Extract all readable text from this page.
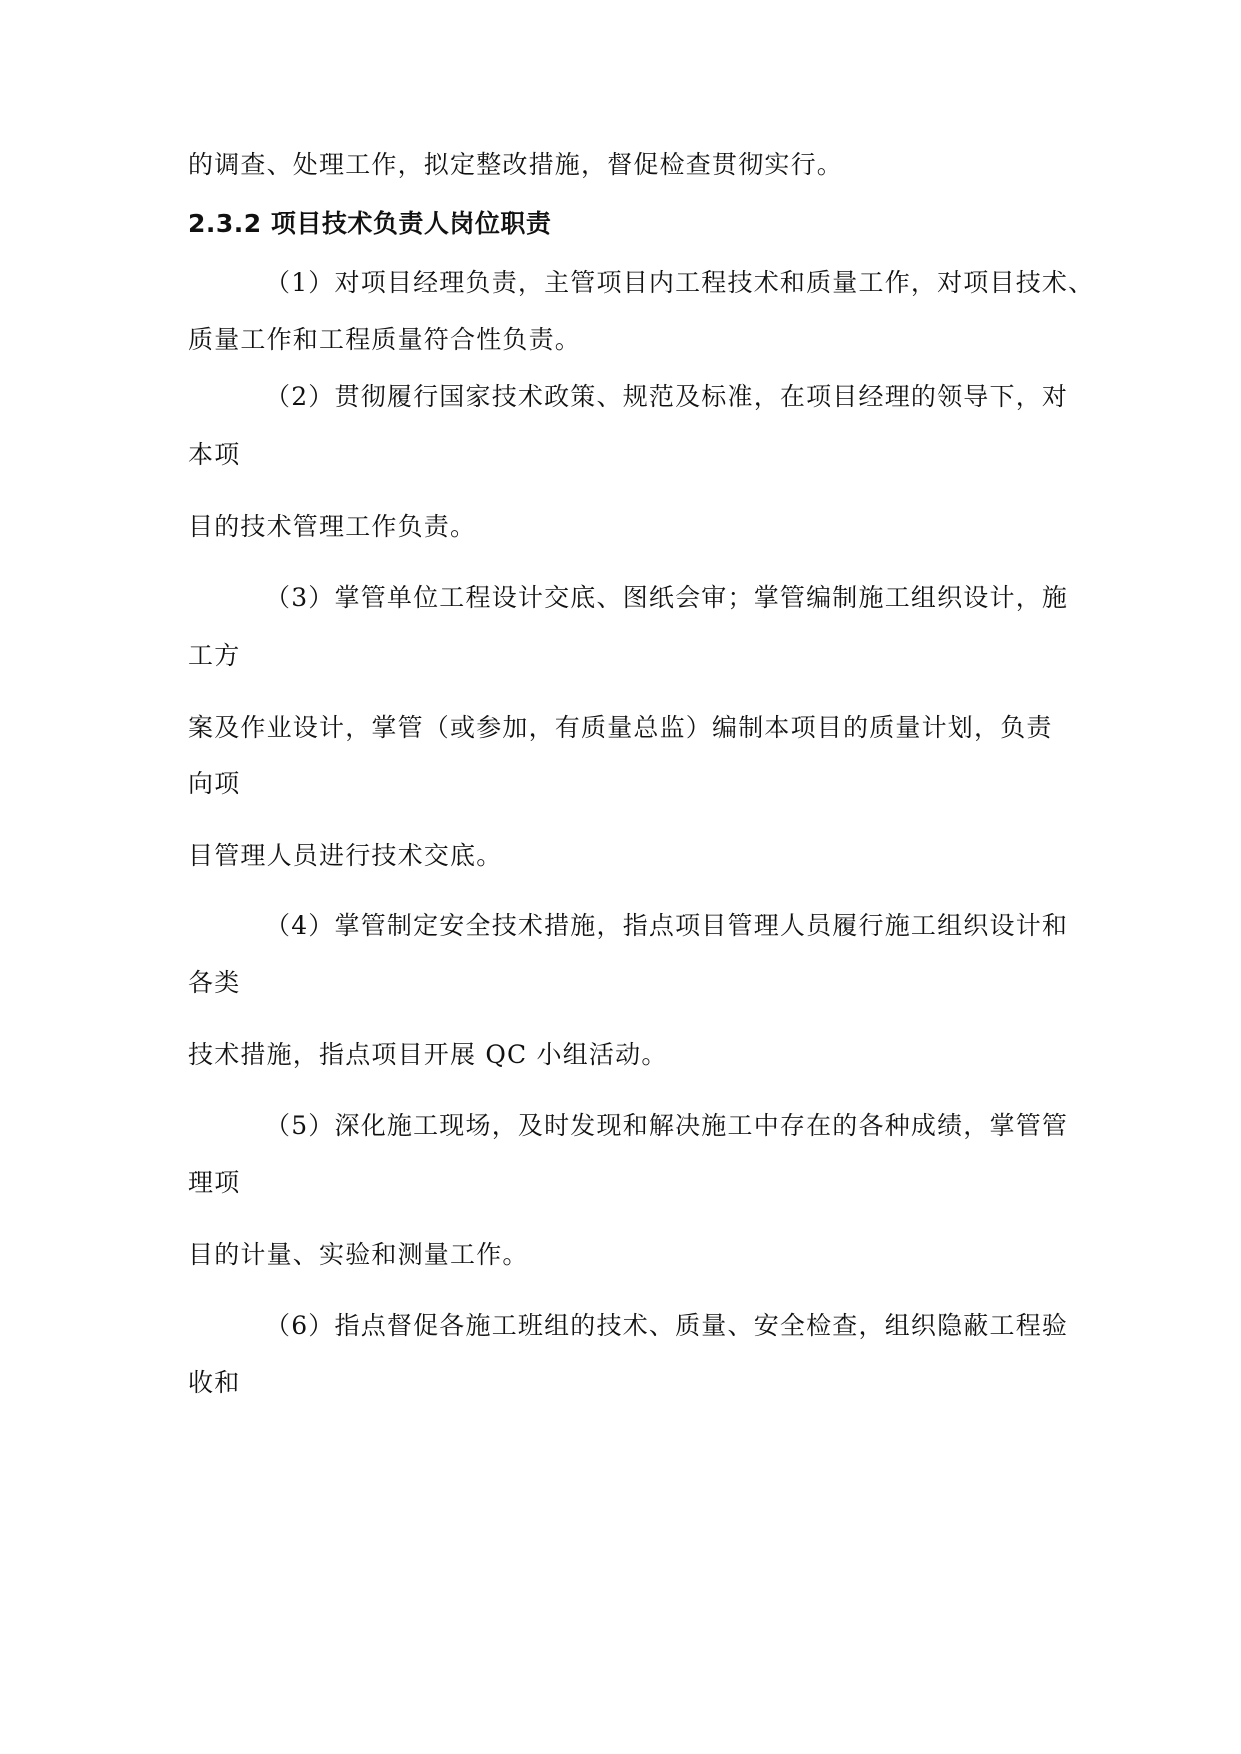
的调查、处理工作，拟定整改措施，督促检查贯彻实行。
2.3.2 项目技术负责人岗位职责
（1）对项目经理负责，主管项目内工程技术和质量工作，对项目技术、
质量工作和工程质量符合性负责。
（2）贯彻履行国家技术政策、规范及标准，在项目经理的领导下，对
本项
目的技术管理工作负责。
（3）掌管单位工程设计交底、图纸会审；掌管编制施工组织设计，施
工方
案及作业设计，掌管（或参加，有质量总监）编制本项目的质量计划，负责
向项
目管理人员进行技术交底。
（4）掌管制定安全技术措施，指点项目管理人员履行施工组织设计和
各类
技术措施，指点项目开展 QC 小组活动。
（5）深化施工现场，及时发现和解决施工中存在的各种成绩，掌管管
理项
目的计量、实验和测量工作。
（6）指点督促各施工班组的技术、质量、安全检查，组织隐蔽工程验
收和
